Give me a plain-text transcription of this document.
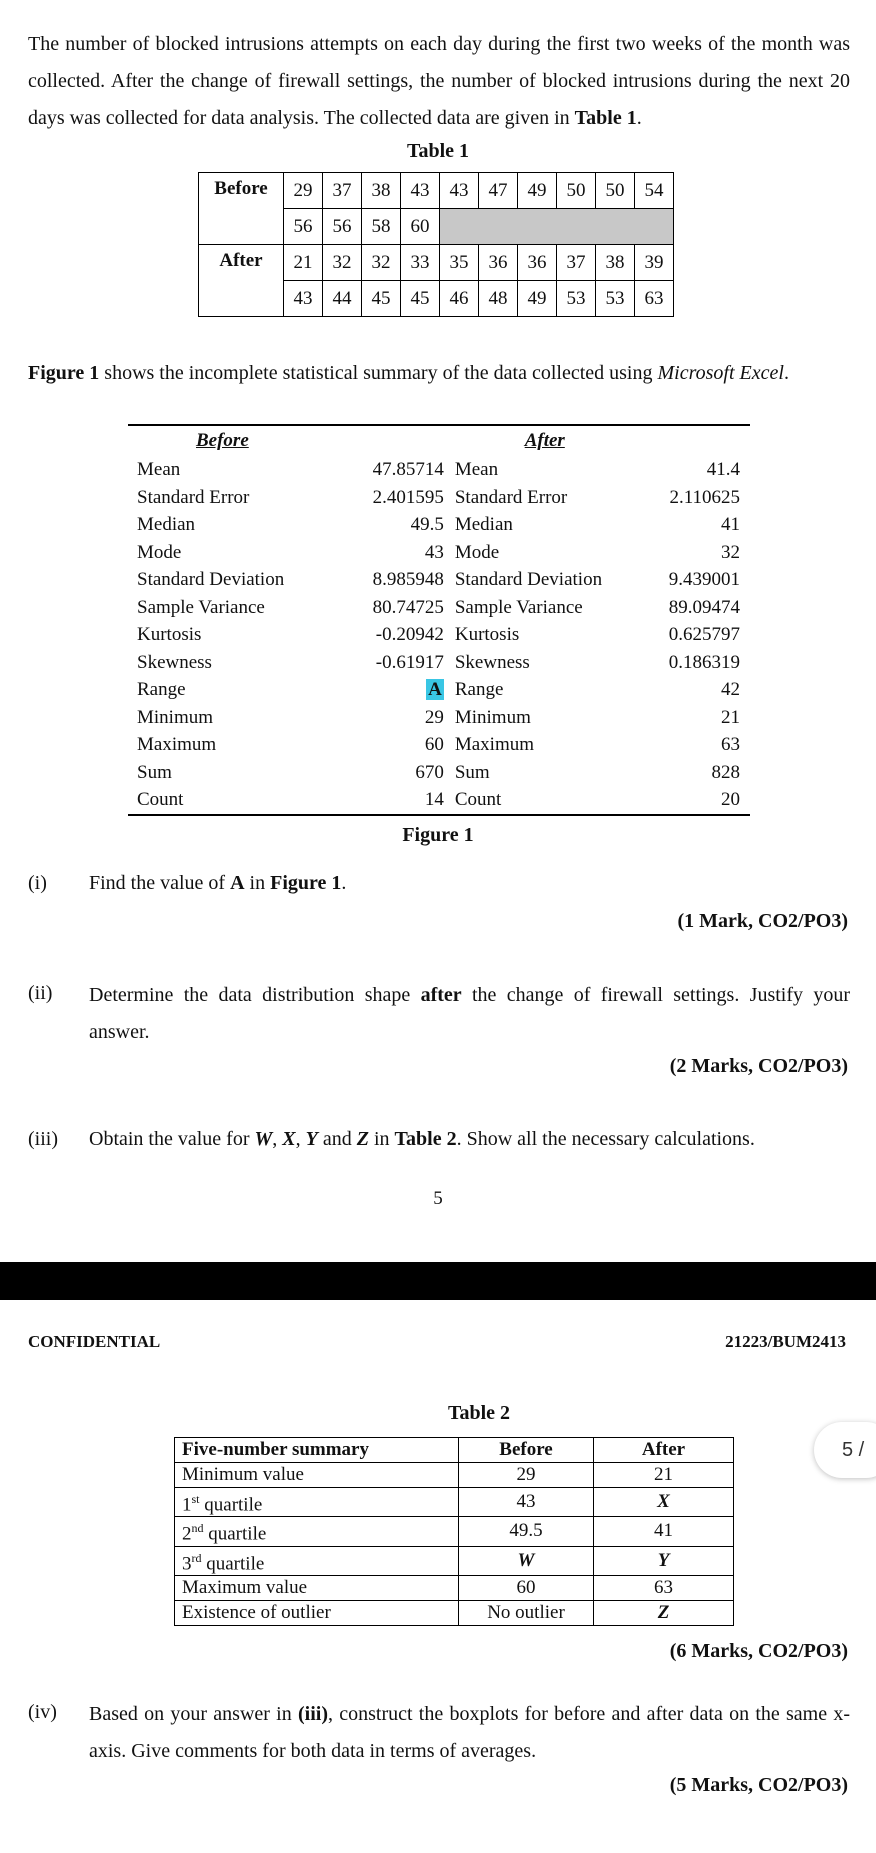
The number of blocked intrusions attempts on each day during the first two weeks of the month was collected. After the change of firewall settings, the number of blocked intrusions during the next 20 days was collected for data analysis. The collected data are given in Table 1.
Table 1
Before	29	37	38	43	43	47	49	50	50	54
	56	56	58	60						
After	21	32	32	33	35	36	36	37	38	39
	43	44	45	45	46	48	49	53	53	63
Figure 1 shows the incomplete statistical summary of the data collected using Microsoft Excel.
Before	After
Mean	47.85714 Mean	41.4
Standard Error	2.401595 Standard Error	2.110625
Median	49.5 Median	41
Mode	43 Mode	32
Standard Deviation	8.985948 Standard Deviation	9.439001
Sample Variance	80.74725 Sample Variance	89.09474
Kurtosis	-0.20942 Kurtosis	0.625797
Skewness	-0.61917 Skewness	0.186319
Range	A Range	42
Minimum	29 Minimum	21
Maximum	60 Maximum	63
Sum	670 Sum	828
Count	14 Count	20
Figure 1
(i) Find the value of A in Figure 1.
(1 Mark, CO2/PO3)
(ii) Determine the data distribution shape after the change of firewall settings. Justify your answer.
(2 Marks, CO2/PO3)
(iii) Obtain the value for W, X, Y and Z in Table 2. Show all the necessary calculations.
5
CONFIDENTIAL	21223/BUM2413
Table 2
Five-number summary	Before	After
Minimum value	29	21
1st quartile	43	X
2nd quartile	49.5	41
3rd quartile	W	Y
Maximum value	60	63
Existence of outlier	No outlier	Z
5 /
(6 Marks, CO2/PO3)
(iv) Based on your answer in (iii), construct the boxplots for before and after data on the same x-axis. Give comments for both data in terms of averages.
(5 Marks, CO2/PO3)
